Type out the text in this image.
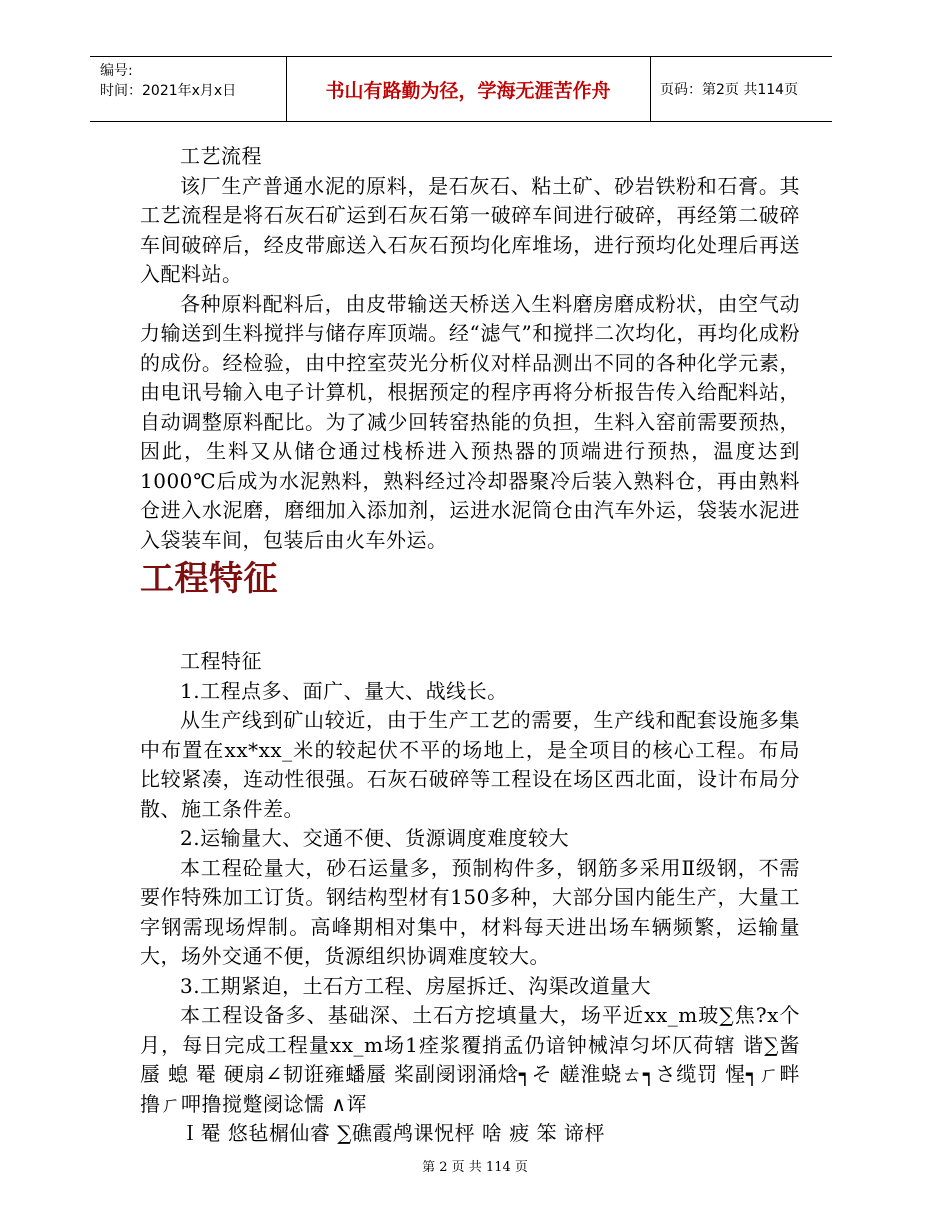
编号:
时间：2021年x月x日	书山有路勤为径，学海无涯苦作舟	页码：第2页 共114页

工艺流程

该厂生产普通水泥的原料，是石灰石、粘土矿、砂岩铁粉和石膏。其工艺流程是将石灰石矿运到石灰石第一破碎车间进行破碎，再经第二破碎车间破碎后，经皮带廊送入石灰石预均化库堆场，进行预均化处理后再送入配料站。

各种原料配料后，由皮带输送天桥送入生料磨房磨成粉状，由空气动力输送到生料搅拌与储存库顶端。经“滤气”和搅拌二次均化，再均化成粉的成份。经检验，由中控室荧光分析仪对样品测出不同的各种化学元素，由电讯号输入电子计算机，根据预定的程序再将分析报告传入给配料站，自动调整原料配比。为了减少回转窑热能的负担，生料入窑前需要预热，因此，生料又从储仓通过栈桥进入预热器的顶端进行预热，温度达到1000℃后成为水泥熟料，熟料经过冷却器聚冷后装入熟料仓，再由熟料仓进入水泥磨，磨细加入添加剂，运进水泥筒仓由汽车外运，袋装水泥进入袋装车间，包装后由火车外运。

工程特征

工程特征

1.工程点多、面广、量大、战线长。

从生产线到矿山较近，由于生产工艺的需要，生产线和配套设施多集中布置在xx*xx_米的较起伏不平的场地上，是全项目的核心工程。布局比较紧凑，连动性很强。石灰石破碎等工程设在场区西北面，设计布局分散、施工条件差。

2.运输量大、交通不便、货源调度难度较大

本工程砼量大，砂石运量多，预制构件多，钢筋多采用Ⅱ级钢，不需要作特殊加工订货。钢结构型材有150多种，大部分国内能生产，大量工字钢需现场焊制。高峰期相对集中，材料每天进出场车辆频繁，运输量大，场外交通不便，货源组织协调难度较大。

3.工期紧迫，土石方工程、房屋拆迁、沟渠改道量大

本工程设备多、基础深、土石方挖填量大，场平近xx_m玻∑焦?x个月，每日完成工程量xx_m场1痊浆覆捎孟仍谙钟械淖匀坏仄荷辖 谐∑酱蜃 螅 罨 硬扇∠韧诳雍蟠蜃 桨副阌诩涌焓┑そ 鹾淮蛲ㄊ┑さ缆罚 惺┑ㄏ畔撸ㄏ呷撸搅蹩阌谂懦 ∧诨

Ｉ罨 悠毡榍仙睿 ∑礁霞鸬课怳枰 啥 疲 笨 谛枰

第 2 页 共 114 页
